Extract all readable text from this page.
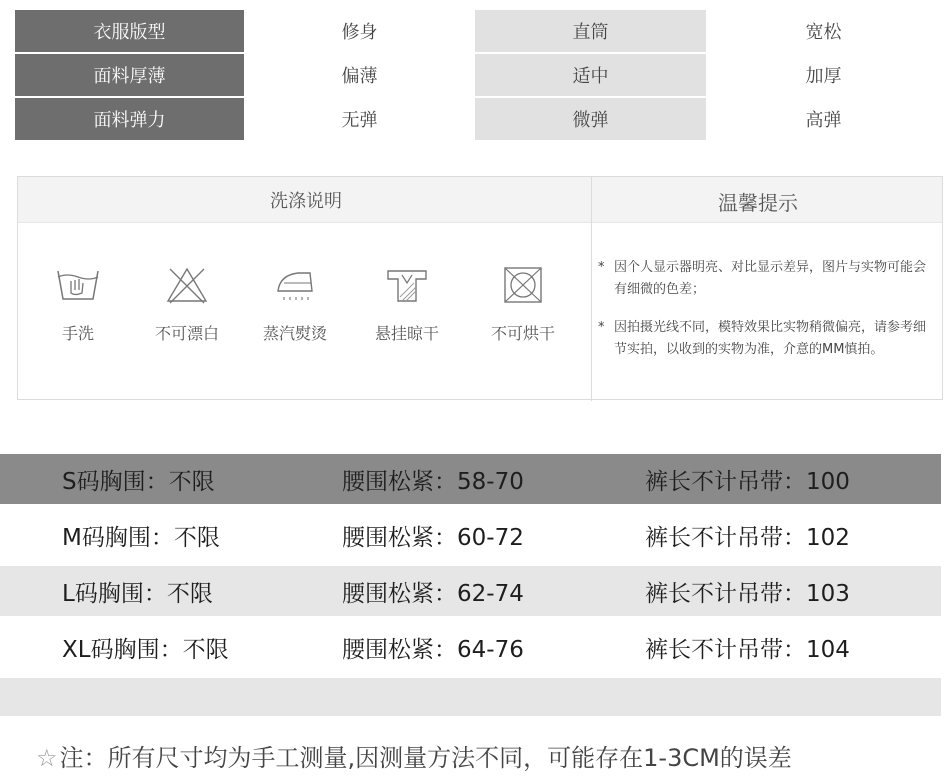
衣服版型	修身	直筒	宽松
面料厚薄	偏薄	适中	加厚
面料弹力	无弹	微弹	高弹
洗涤说明	温馨提示
手洗	不可漂白	蒸汽熨烫	悬挂晾干	不可烘干
* 因个人显示器明亮、对比显示差异，图片与实物可能会有细微的色差；
* 因拍摄光线不同，模特效果比实物稍微偏亮，请参考细节实拍，以收到的实物为准，介意的MM慎拍。
S码胸围：不限	腰围松紧：58-70	裤长不计吊带：100
M码胸围：不限	腰围松紧：60-72	裤长不计吊带：102
L码胸围：不限	腰围松紧：62-74	裤长不计吊带：103
XL码胸围：不限	腰围松紧：64-76	裤长不计吊带：104
☆注：所有尺寸均为手工测量,因测量方法不同，可能存在1-3CM的误差
